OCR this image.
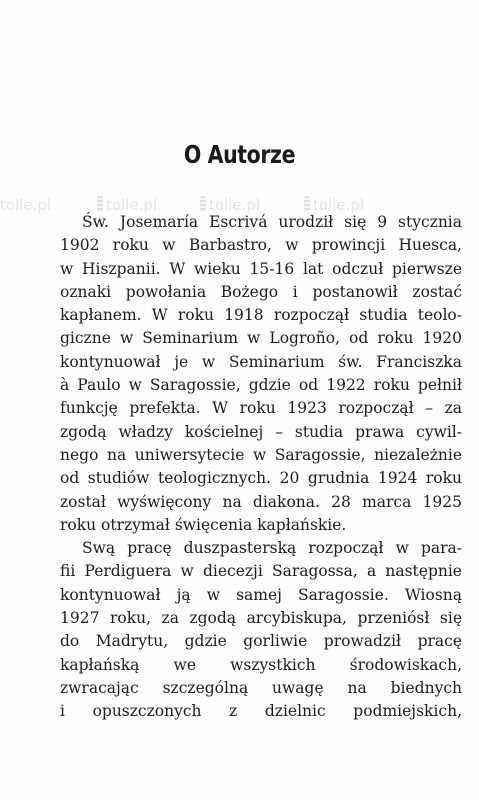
O Autorze
tolle.pl	tolle.pl	tolle.pl	tolle.pl
Św. Josemaría Escrivá urodził się 9 stycznia
1902 roku w Barbastro, w prowincji Huesca,
w Hiszpanii. W wieku 15-16 lat odczuł pierwsze
oznaki powołania Bożego i postanowił zostać
kapłanem. W roku 1918 rozpoczął studia teolo-
giczne w Seminarium w Logroño, od roku 1920
kontynuował je w Seminarium św. Franciszka
à Paulo w Saragossie, gdzie od 1922 roku pełnił
funkcję prefekta. W roku 1923 rozpoczął – za
zgodą władzy kościelnej – studia prawa cywil-
nego na uniwersytecie w Saragossie, niezależnie
od studiów teologicznych. 20 grudnia 1924 roku
został wyświęcony na diakona. 28 marca 1925
roku otrzymał święcenia kapłańskie.
Swą pracę duszpasterską rozpoczął w para-
fii Perdiguera w diecezji Saragossa, a następnie
kontynuował ją w samej Saragossie. Wiosną
1927 roku, za zgodą arcybiskupa, przeniósł się
do Madrytu, gdzie gorliwie prowadził pracę
kapłańską we wszystkich środowiskach,
zwracając szczególną uwagę na biednych
i opuszczonych z dzielnic podmiejskich,
